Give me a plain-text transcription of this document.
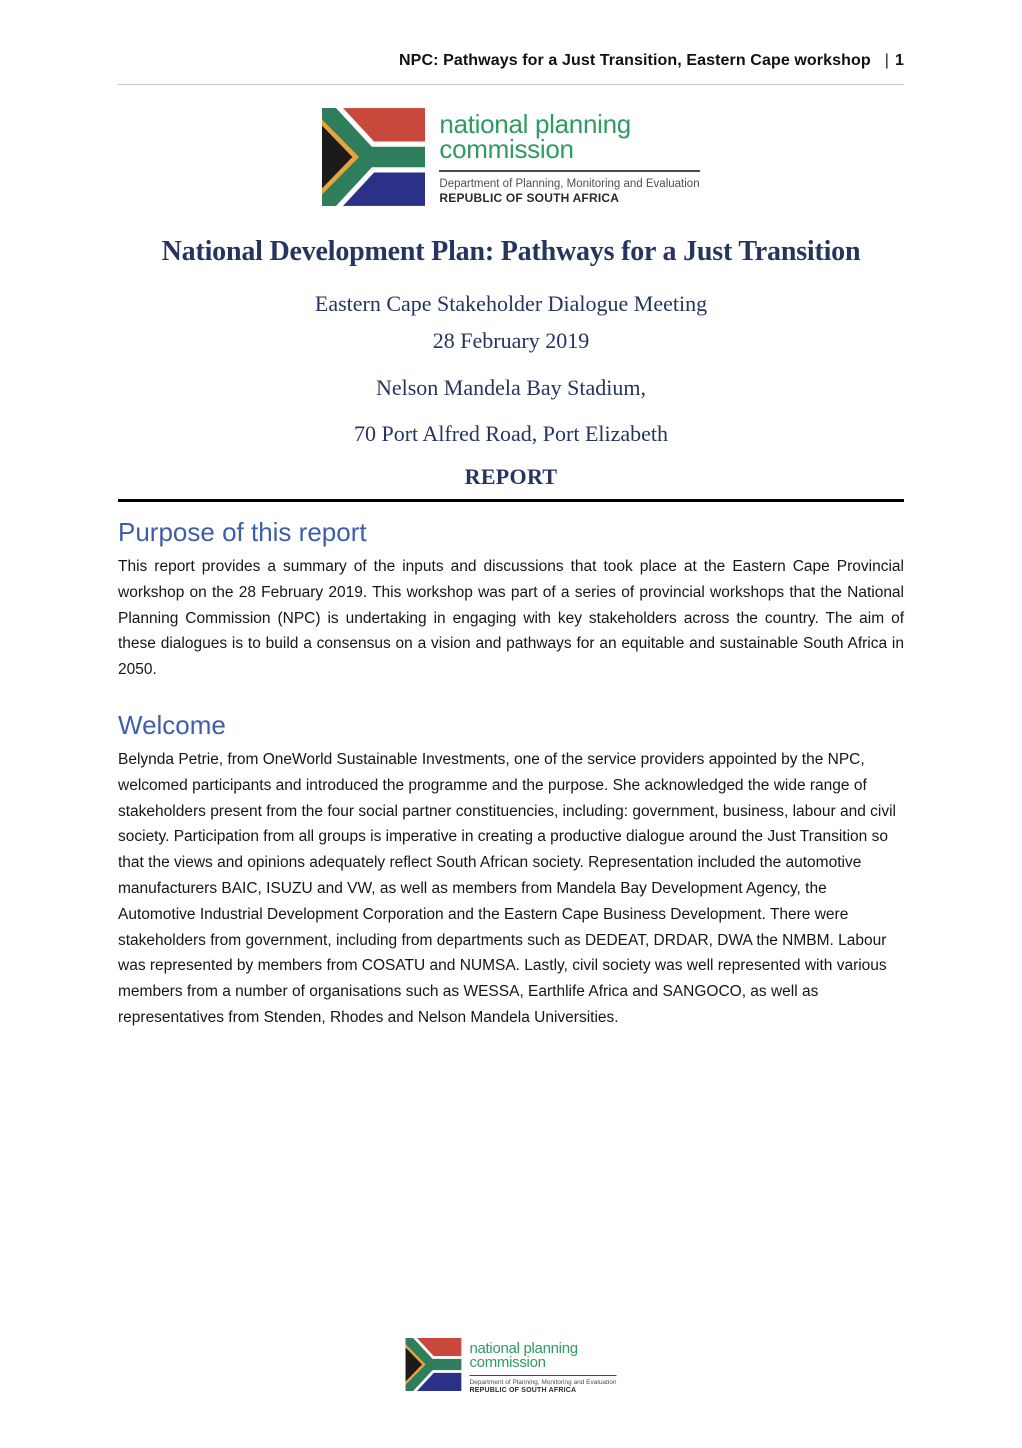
NPC: Pathways for a Just Transition, Eastern Cape workshop | 1
national planning
commission
Department of Planning, Monitoring and Evaluation
REPUBLIC OF SOUTH AFRICA
National Development Plan: Pathways for a Just Transition
Eastern Cape Stakeholder Dialogue Meeting
28 February 2019
Nelson Mandela Bay Stadium,
70 Port Alfred Road, Port Elizabeth
REPORT
Purpose of this report

This report provides a summary of the inputs and discussions that took place at the Eastern Cape Provincial workshop on the 28 February 2019. This workshop was part of a series of provincial workshops that the National Planning Commission (NPC) is undertaking in engaging with key stakeholders across the country. The aim of these dialogues is to build a consensus on a vision and pathways for an equitable and sustainable South Africa in 2050.

Welcome

Belynda Petrie, from OneWorld Sustainable Investments, one of the service providers appointed by the NPC, welcomed participants and introduced the programme and the purpose. She acknowledged the wide range of stakeholders present from the four social partner constituencies, including: government, business, labour and civil society. Participation from all groups is imperative in creating a productive dialogue around the Just Transition so that the views and opinions adequately reflect South African society. Representation included the automotive manufacturers BAIC, ISUZU and VW, as well as members from Mandela Bay Development Agency, the Automotive Industrial Development Corporation and the Eastern Cape Business Development. There were stakeholders from government, including from departments such as DEDEAT, DRDAR, DWA the NMBM. Labour was represented by members from COSATU and NUMSA. Lastly, civil society was well represented with various members from a number of organisations such as WESSA, Earthlife Africa and SANGOCO, as well as representatives from Stenden, Rhodes and Nelson Mandela Universities.

national planning
commission
Department of Planning, Monitoring and Evaluation
REPUBLIC OF SOUTH AFRICA
